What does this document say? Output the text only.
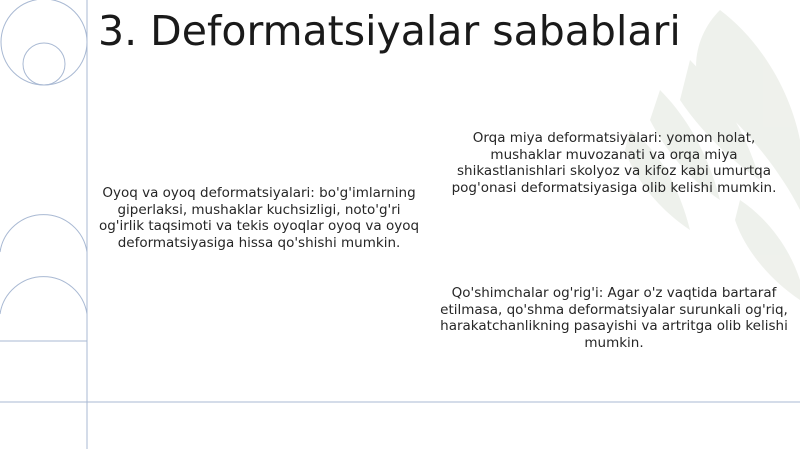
3. Deformatsiyalar sabablari
Oyoq va oyoq deformatsiyalari: bo'g'imlarning giperlaksi, mushaklar kuchsizligi, noto'g'ri og'irlik taqsimoti va tekis oyoqlar oyoq va oyoq deformatsiyasiga hissa qo'shishi mumkin.
Orqa miya deformatsiyalari: yomon holat, mushaklar muvozanati va orqa miya shikastlanishlari skolyoz va kifoz kabi umurtqa pog'onasi deformatsiyasiga olib kelishi mumkin.
Qo'shimchalar og'rig'i: Agar o'z vaqtida bartaraf etilmasa, qo'shma deformatsiyalar surunkali og'riq, harakatchanlikning pasayishi va artritga olib kelishi mumkin.
